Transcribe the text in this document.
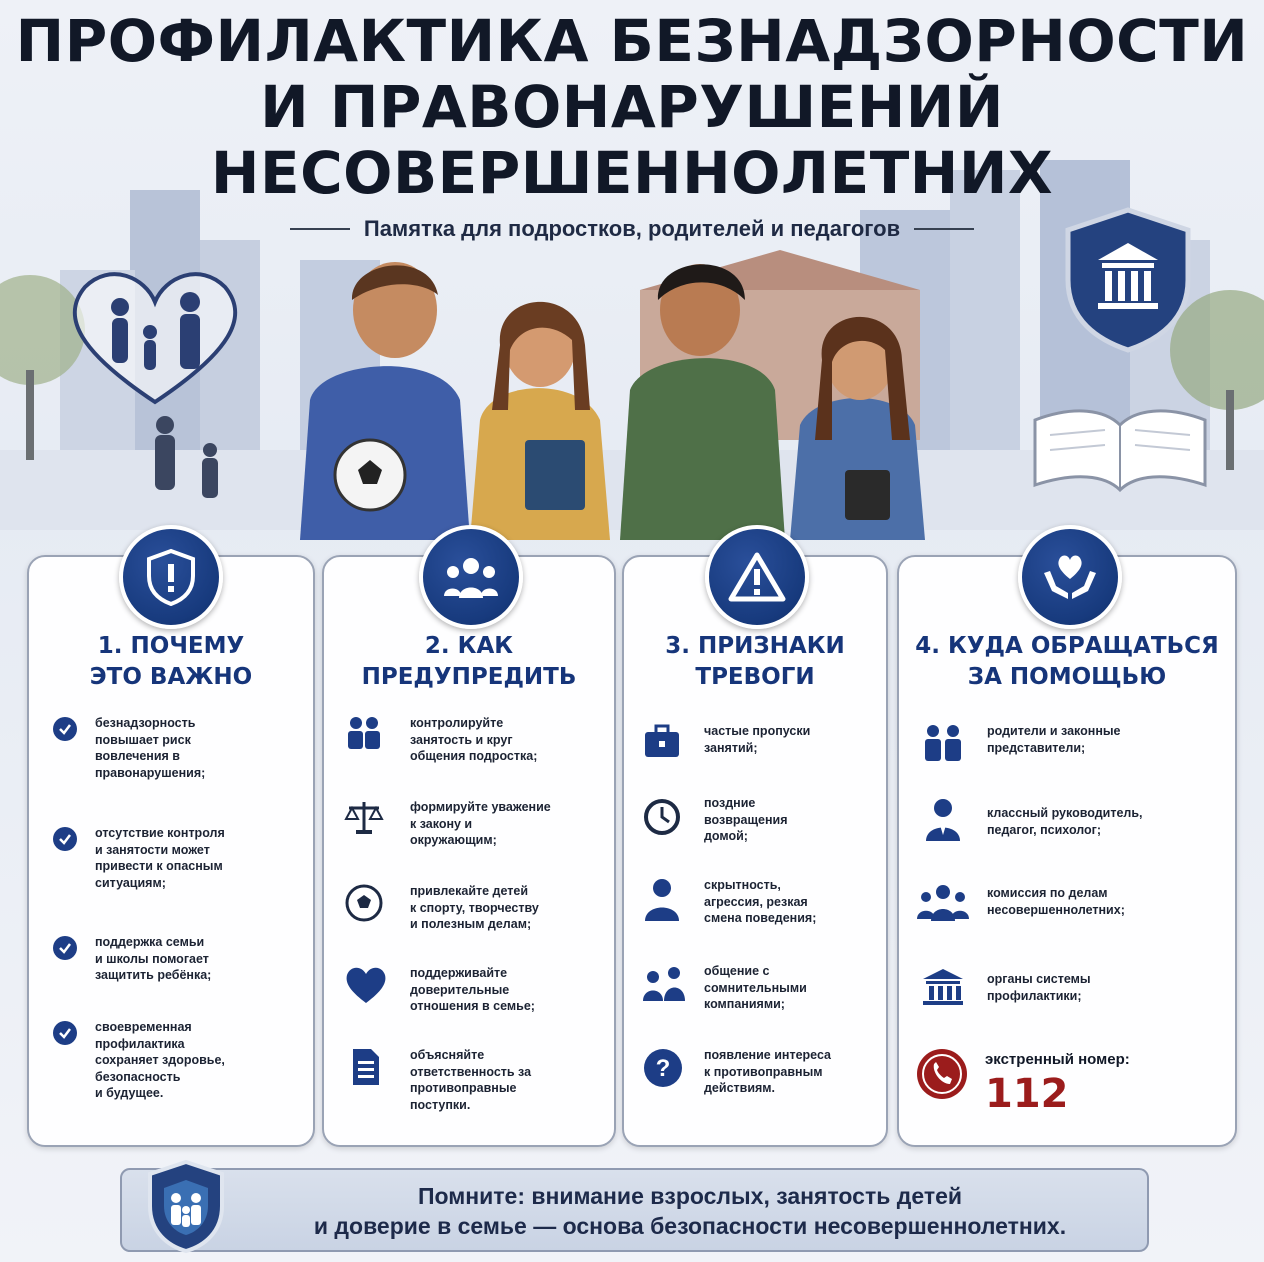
ПРОФИЛАКТИКА БЕЗНАДЗОРНОСТИ
И ПРАВОНАРУШЕНИЙ
НЕСОВЕРШЕННОЛЕТНИХ
Памятка для подростков, родителей и педагогов
1. ПОЧЕМУ
ЭТО ВАЖНО
безнадзорность
повышает риск
вовлечения в
правонарушения;
отсутствие контроля
и занятости может
привести к опасным
ситуациям;
поддержка семьи
и школы помогает
защитить ребёнка;
своевременная
профилактика
сохраняет здоровье,
безопасность
и будущее.
2. КАК
ПРЕДУПРЕДИТЬ
контролируйте
занятость и круг
общения подростка;
формируйте уважение
к закону и
окружающим;
привлекайте детей
к спорту, творчеству
и полезным делам;
поддерживайте
доверительные
отношения в семье;
объясняйте
ответственность за
противоправные
поступки.
3. ПРИЗНАКИ
ТРЕВОГИ
частые пропуски
занятий;
поздние
возвращения
домой;
скрытность,
агрессия, резкая
смена поведения;
общение с
сомнительными
компаниями;
?	появление интереса
к противоправным
действиям.
4. КУДА ОБРАЩАТЬСЯ
ЗА ПОМОЩЬЮ
родители и законные
представители;
классный руководитель,
педагог, психолог;
комиссия по делам
несовершеннолетних;
органы системы
профилактики;
экстренный номер:
112
Помните: внимание взрослых, занятость детей
и доверие в семье — основа безопасности несовершеннолетних.
